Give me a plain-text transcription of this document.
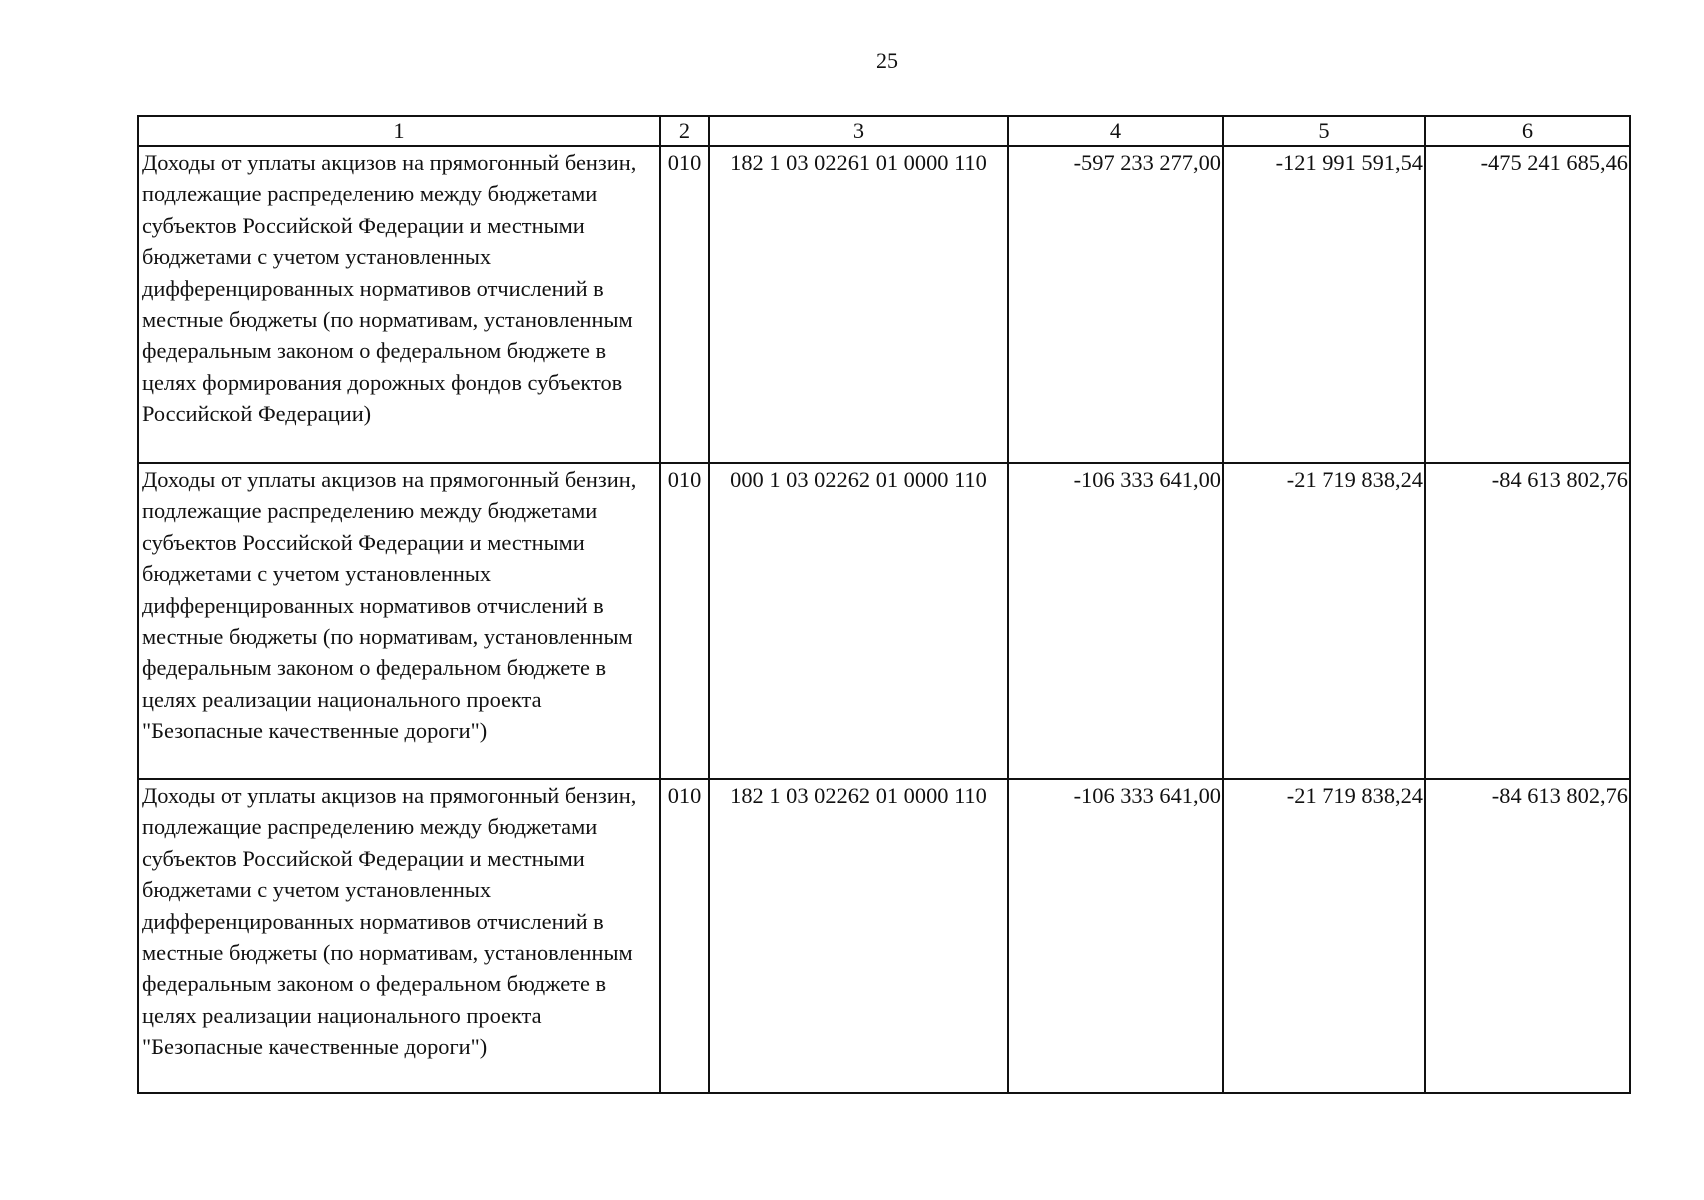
25
1	2	3	4	5	6
Доходы от уплаты акцизов на прямогонный бензин, подлежащие распределению между бюджетами субъектов Российской Федерации и местными бюджетами с учетом установленных дифференцированных нормативов отчислений в местные бюджеты (по нормативам, установленным федеральным законом о федеральном бюджете в целях формирования дорожных фондов субъектов Российской Федерации)	010	182 1 03 02261 01 0000 110	-597 233 277,00	-121 991 591,54	-475 241 685,46
Доходы от уплаты акцизов на прямогонный бензин, подлежащие распределению между бюджетами субъектов Российской Федерации и местными бюджетами с учетом установленных дифференцированных нормативов отчислений в местные бюджеты (по нормативам, установленным федеральным законом о федеральном бюджете в целях реализации национального проекта "Безопасные качественные дороги")	010	000 1 03 02262 01 0000 110	-106 333 641,00	-21 719 838,24	-84 613 802,76
Доходы от уплаты акцизов на прямогонный бензин, подлежащие распределению между бюджетами субъектов Российской Федерации и местными бюджетами с учетом установленных дифференцированных нормативов отчислений в местные бюджеты (по нормативам, установленным федеральным законом о федеральном бюджете в целях реализации национального проекта "Безопасные качественные дороги")	010	182 1 03 02262 01 0000 110	-106 333 641,00	-21 719 838,24	-84 613 802,76
